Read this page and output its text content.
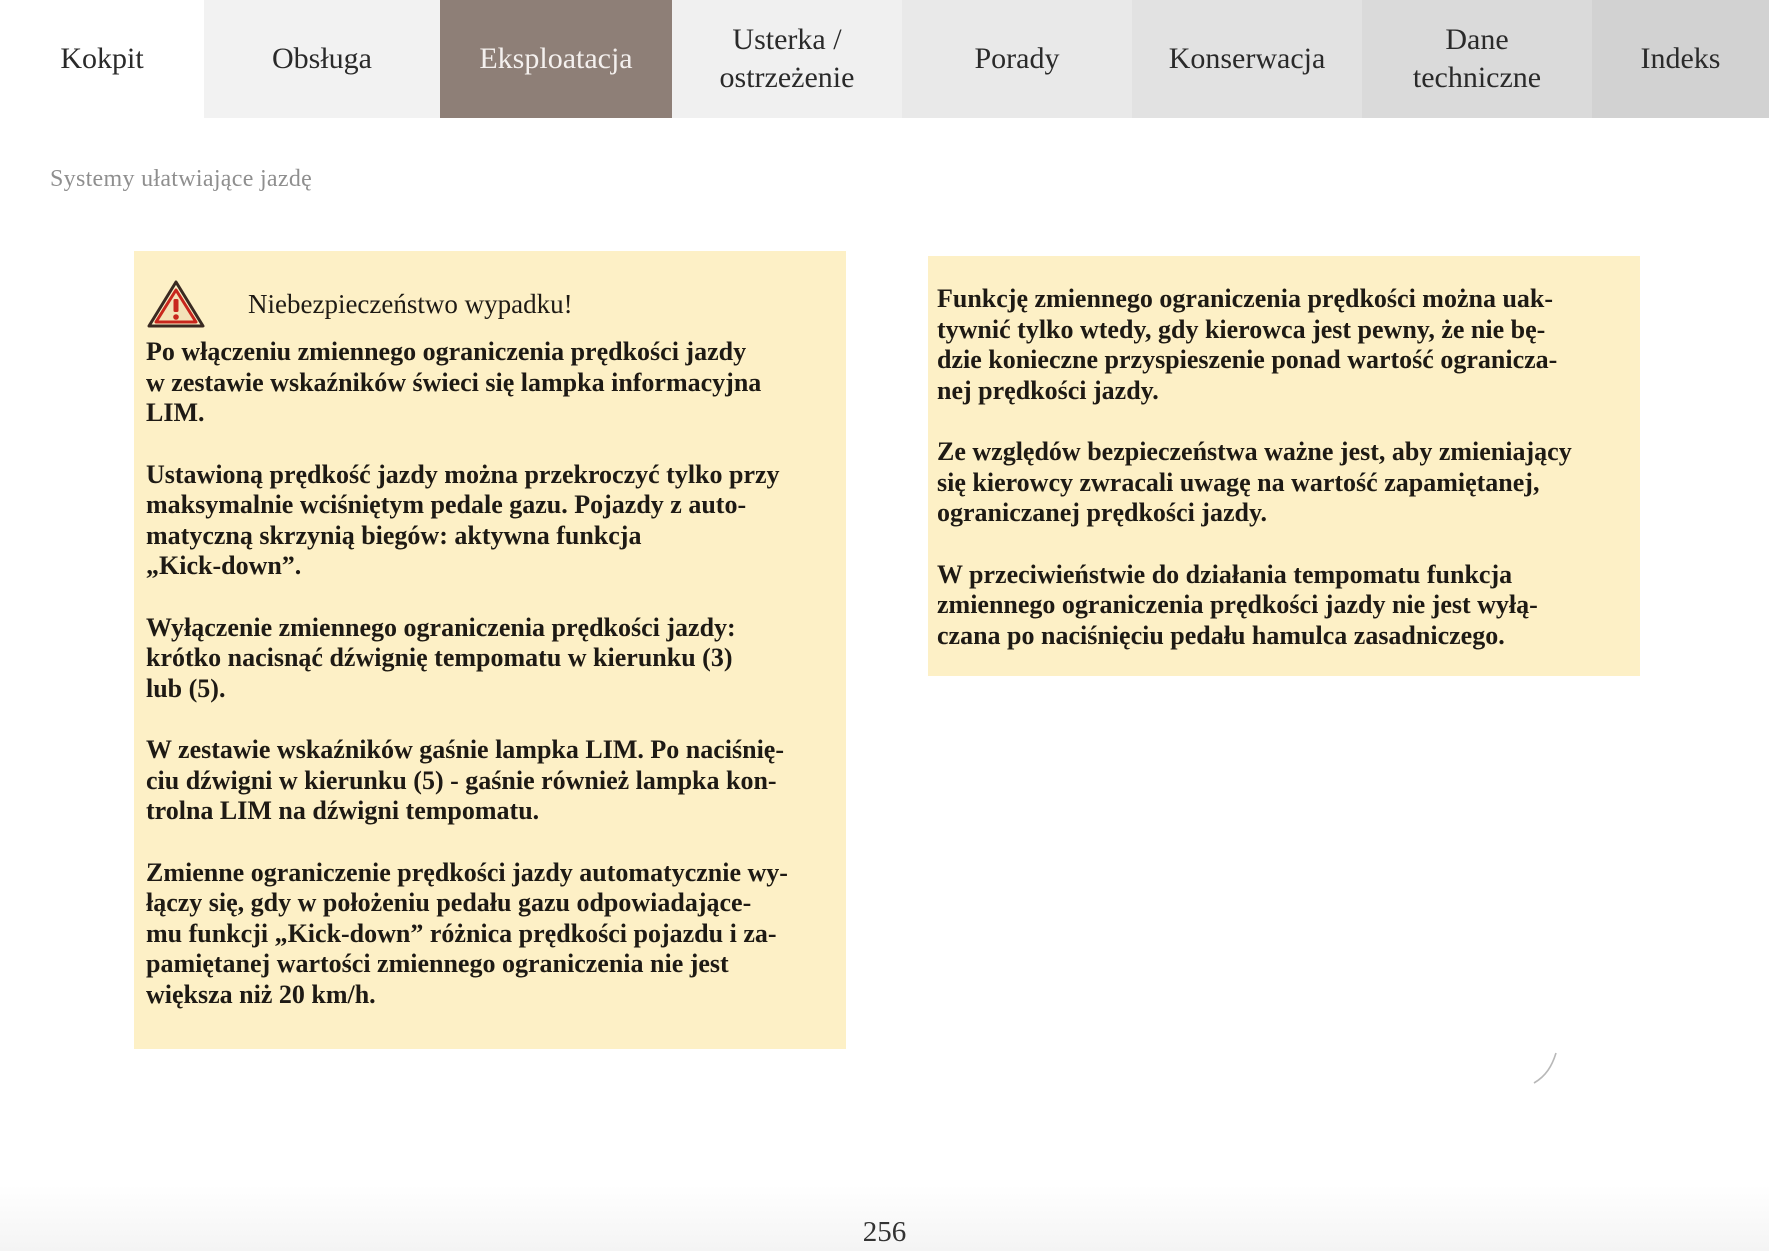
Kokpit	Obsługa	Eksploatacja
Usterka /
ostrzeżenie
Porady	Konserwacja
Dane
techniczne
Indeks
Systemy ułatwiające jazdę
Niebezpieczeństwo wypadku!
Po włączeniu zmiennego ograniczenia prędkości jazdy
w zestawie wskaźników świeci się lampka informacyjna
LIM.
Ustawioną prędkość jazdy można przekroczyć tylko przy
maksymalnie wciśniętym pedale gazu. Pojazdy z auto-
matyczną skrzynią biegów: aktywna funkcja
„Kick-down”.
Wyłączenie zmiennego ograniczenia prędkości jazdy:
krótko nacisnąć dźwignię tempomatu w kierunku (3)
lub (5).
W zestawie wskaźników gaśnie lampka LIM. Po naciśnię-
ciu dźwigni w kierunku (5) - gaśnie również lampka kon-
trolna LIM na dźwigni tempomatu.
Zmienne ograniczenie prędkości jazdy automatycznie wy-
łączy się, gdy w położeniu pedału gazu odpowiadające-
mu funkcji „Kick-down” różnica prędkości pojazdu i za-
pamiętanej wartości zmiennego ograniczenia nie jest
większa niż 20 km/h.
Funkcję zmiennego ograniczenia prędkości można uak-
tywnić tylko wtedy, gdy kierowca jest pewny, że nie bę-
dzie konieczne przyspieszenie ponad wartość ogranicza-
nej prędkości jazdy.
Ze względów bezpieczeństwa ważne jest, aby zmieniający
się kierowcy zwracali uwagę na wartość zapamiętanej,
ograniczanej prędkości jazdy.
W przeciwieństwie do działania tempomatu funkcja
zmiennego ograniczenia prędkości jazdy nie jest wyłą-
czana po naciśnięciu pedału hamulca zasadniczego.
256
